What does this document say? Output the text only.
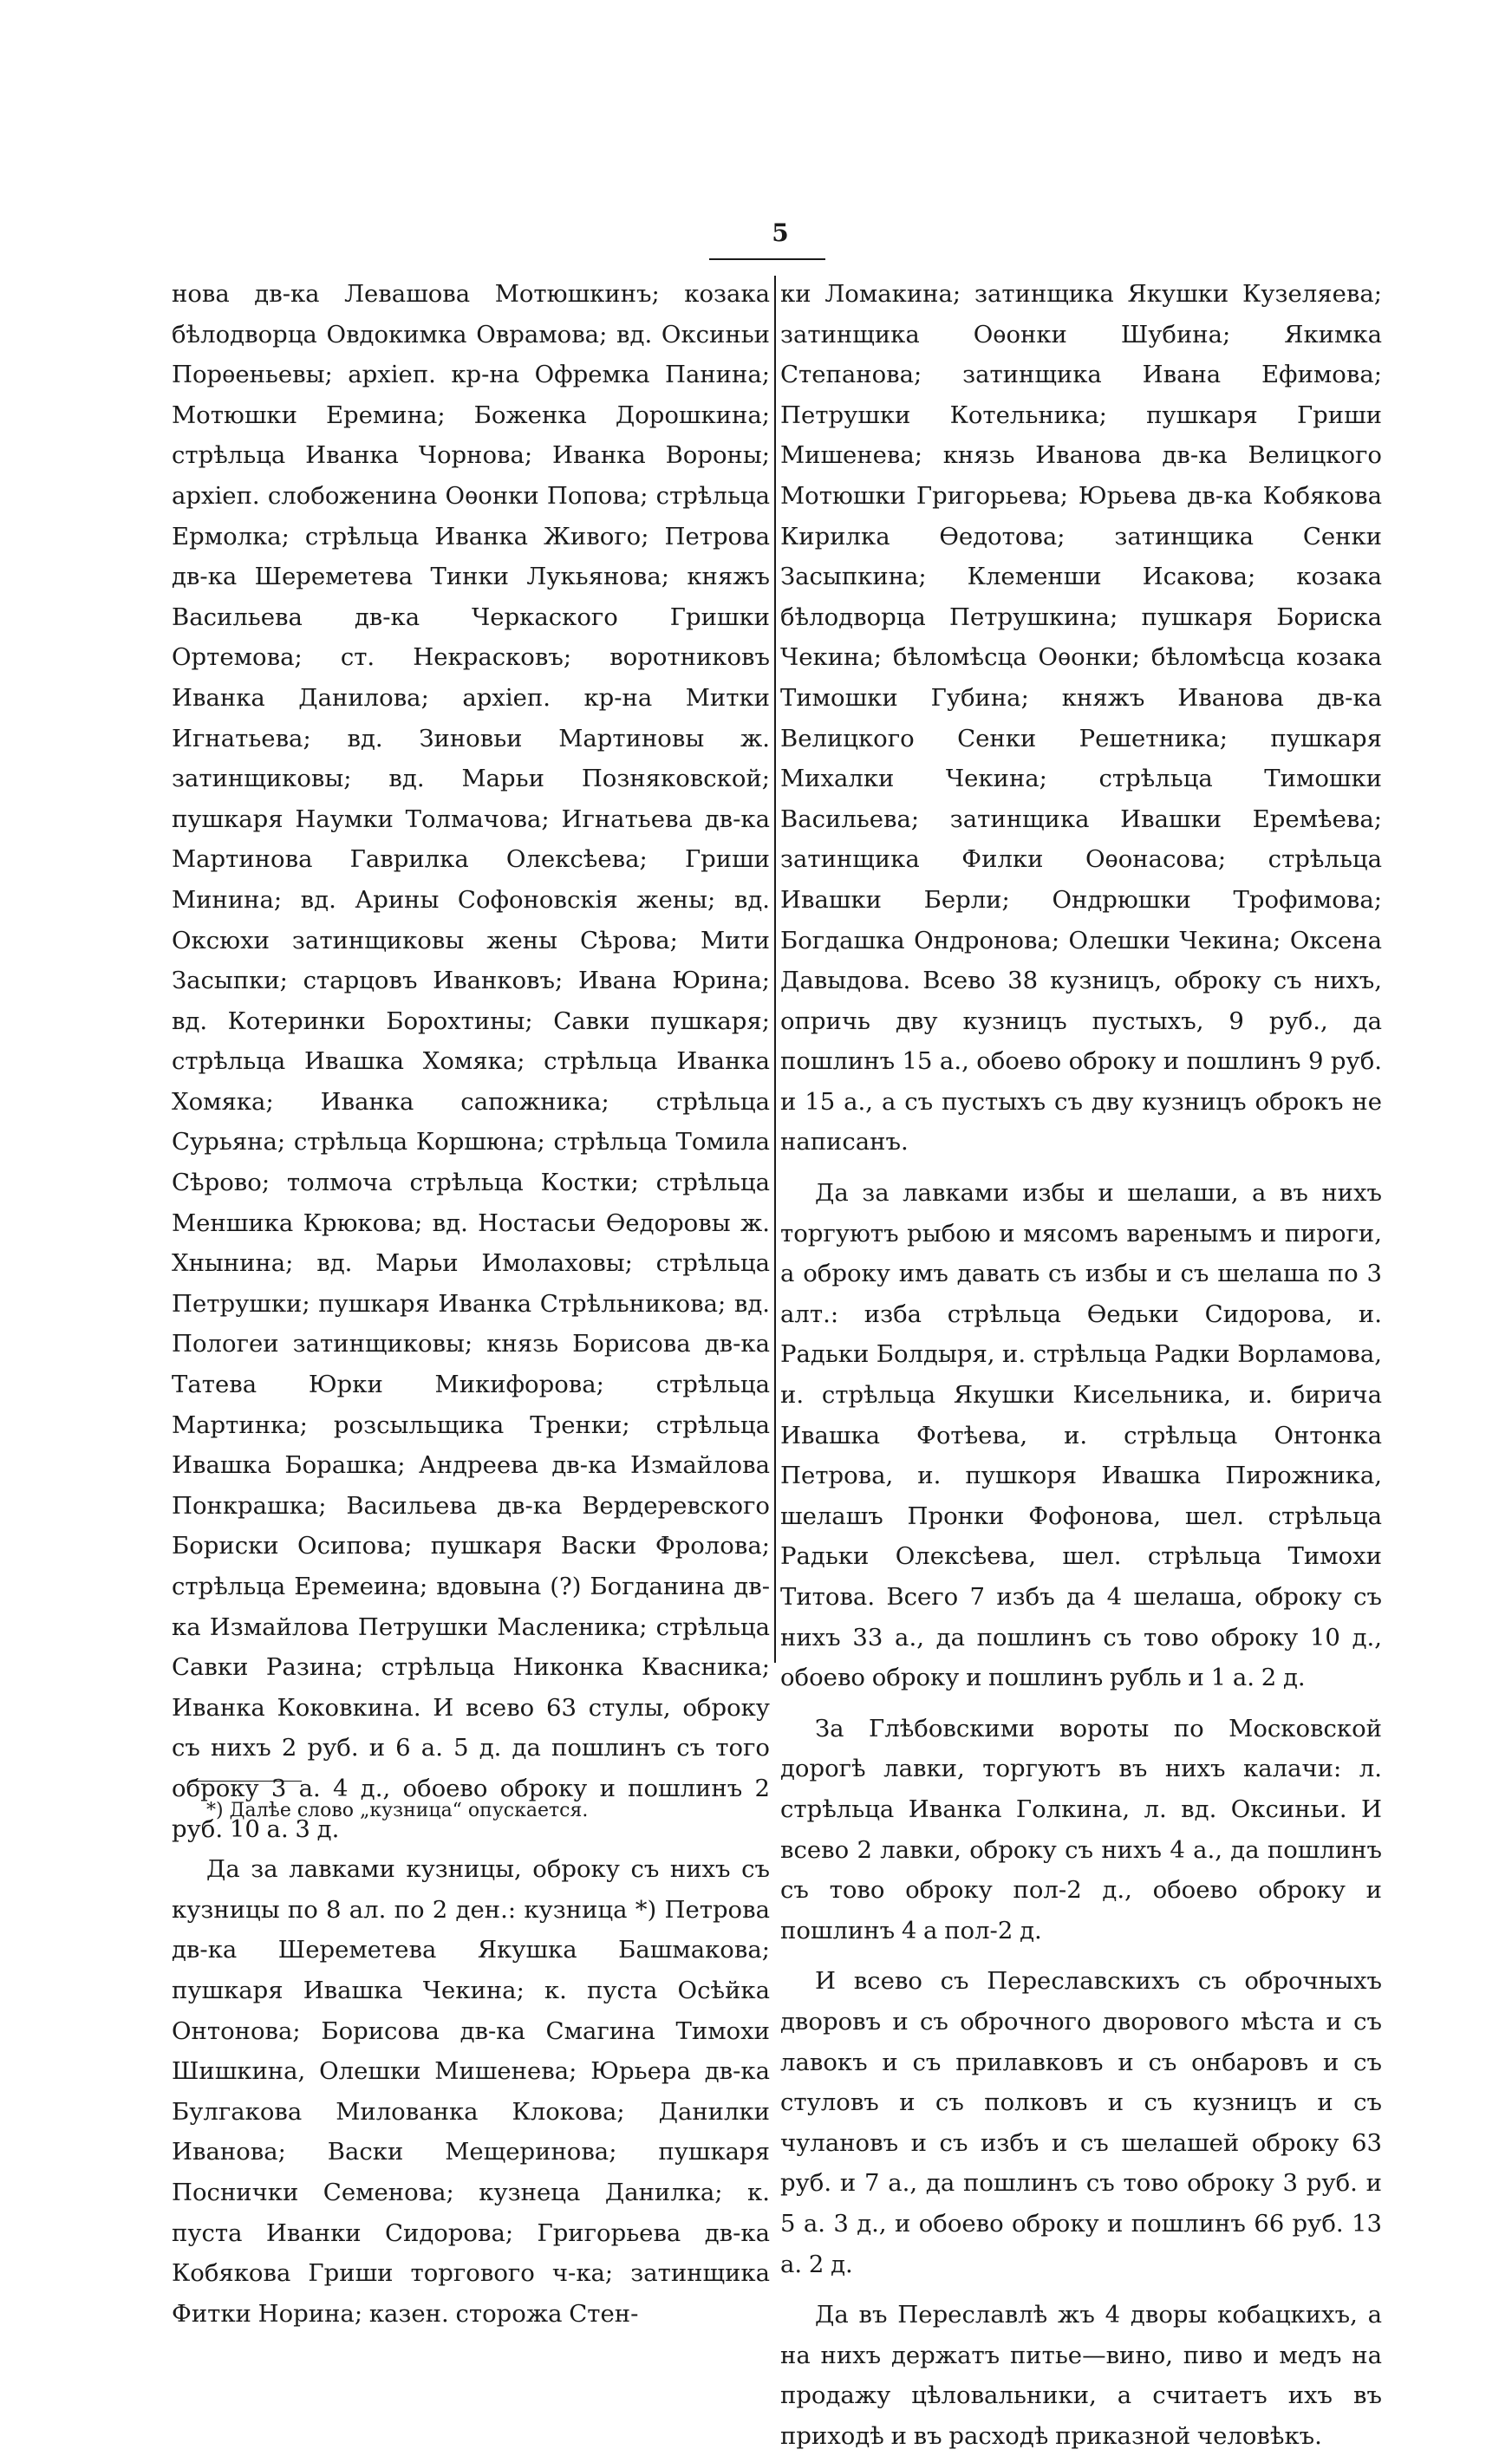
5

нова дв-ка Левашова Мотюшкинъ; козака бѣлодворца Овдокимка Оврамова; вд. Оксиньи Порѳеньевы; архіеп. кр-на Офремка Панина; Мотюшки Еремина; Боженка Дорошкина; стрѣльца Иванка Чорнова; Иванка Вороны; архіеп. слобоженина Оѳонки Попова; стрѣльца Ермолка; стрѣльца Иванка Живого; Петрова дв-ка Шереметева Тинки Лукьянова; княжъ Васильева дв-ка Черкаского Гришки Ортемова; ст. Некрасковъ; воротниковъ Иванка Данилова; архіеп. кр-на Митки Игнатьева; вд. Зиновьи Мартиновы ж. затинщиковы; вд. Марьи Позняковской; пушкаря Наумки Толмачова; Игнатьева дв-ка Мартинова Гаврилка Олексѣева; Гриши Минина; вд. Арины Софоновскія жены; вд. Оксюхи затинщиковы жены Сѣрова; Мити Засыпки; старцовъ Иванковъ; Ивана Юрина; вд. Котеринки Борохтины; Савки пушкаря; стрѣльца Ивашка Хомяка; стрѣльца Иванка Хомяка; Иванка сапожника; стрѣльца Сурьяна; стрѣльца Коршюна; стрѣльца Томила Сѣрово; толмоча стрѣльца Костки; стрѣльца Меншика Крюкова; вд. Ностасьи Ѳедоровы ж. Хнынина; вд. Марьи Имолаховы; стрѣльца Петрушки; пушкаря Иванка Стрѣльникова; вд. Пологеи затинщиковы; князь Борисова дв-ка Татева Юрки Микифорова; стрѣльца Мартинка; розсыльщика Тренки; стрѣльца Ивашка Борашка; Андреева дв-ка Измайлова Понкрашка; Васильева дв-ка Вердеревского Бориски Осипова; пушкаря Васки Фролова; стрѣльца Еремеина; вдовына (?) Богданина дв-ка Измайлова Петрушки Масленика; стрѣльца Савки Разина; стрѣльца Никонка Квасника; Иванка Коковкина. И всево 63 стулы, оброку съ нихъ 2 руб. и 6 а. 5 д. да пошлинъ съ того оброку 3 а. 4 д., обоево оброку и пошлинъ 2 руб. 10 а. 3 д.

Да за лавками кузницы, оброку съ нихъ съ кузницы по 8 ал. по 2 ден.: кузница *) Петрова дв-ка Шереметева Якушка Башмакова; пушкаря Ивашка Чекина; к. пуста Осѣйка Онтонова; Борисова дв-ка Смагина Тимохи Шишкина, Олешки Мишенева; Юрьера дв-ка Булгакова Милованка Клокова; Данилки Иванова; Васки Мещеринова; пушкаря Поснички Семенова; кузнеца Данилка; к. пуста Иванки Сидорова; Григорьева дв-ка Кобякова Гриши торгового ч-ка; затинщика Фитки Норина; казен. сторожа Стен-

ки Ломакина; затинщика Якушки Кузеляева; затинщика Оѳонки Шубина; Якимка Степанова; затинщика Ивана Ефимова; Петрушки Котельника; пушкаря Гриши Мишенева; князь Иванова дв-ка Велицкого Мотюшки Григорьева; Юрьева дв-ка Кобякова Кирилка Ѳедотова; затинщика Сенки Засыпкина; Клеменши Исакова; козака бѣлодворца Петрушкина; пушкаря Бориска Чекина; бѣломѣсца Оѳонки; бѣломѣсца козака Тимошки Губина; княжъ Иванова дв-ка Велицкого Сенки Решетника; пушкаря Михалки Чекина; стрѣльца Тимошки Васильева; затинщика Ивашки Еремѣева; затинщика Филки Оѳонасова; стрѣльца Ивашки Берли; Ондрюшки Трофимова; Богдашка Ондронова; Олешки Чекина; Оксена Давыдова. Всево 38 кузницъ, оброку съ нихъ, опричь дву кузницъ пустыхъ, 9 руб., да пошлинъ 15 а., обоево оброку и пошлинъ 9 руб. и 15 а., а съ пустыхъ съ дву кузницъ оброкъ не написанъ.

Да за лавками избы и шелаши, а въ нихъ торгуютъ рыбою и мясомъ варенымъ и пироги, а оброку имъ давать съ избы и съ шелаша по 3 алт.: изба стрѣльца Ѳедьки Сидорова, и. Радьки Болдыря, и. стрѣльца Радки Ворламова, и. стрѣльца Якушки Кисельника, и. бирича Ивашка Фотѣева, и. стрѣльца Онтонка Петрова, и. пушкоря Ивашка Пирожника, шелашъ Пронки Фофонова, шел. стрѣльца Радьки Олексѣева, шел. стрѣльца Тимохи Титова. Всего 7 избъ да 4 шелаша, оброку съ нихъ 33 а., да пошлинъ съ тово оброку 10 д., обоево оброку и пошлинъ рубль и 1 а. 2 д.

За Глѣбовскими вороты по Московской дорогѣ лавки, торгуютъ въ нихъ калачи: л. стрѣльца Иванка Голкина, л. вд. Оксиньи. И всево 2 лавки, оброку съ нихъ 4 а., да пошлинъ съ тово оброку пол-2 д., обоево оброку и пошлинъ 4 а пол-2 д.

И всево съ Переславскихъ съ оброчныхъ дворовъ и съ оброчного дворового мѣста и съ лавокъ и съ прилавковъ и съ онбаровъ и съ стуловъ и съ полковъ и съ кузницъ и съ чулановъ и съ избъ и съ шелашей оброку 63 руб. и 7 а., да пошлинъ съ тово оброку 3 руб. и 5 а. 3 д., и обоево оброку и пошлинъ 66 руб. 13 а. 2 д.

Да въ Переславлѣ жъ 4 дворы кобацкихъ, а на нихъ держатъ питье—вино, пиво и медъ на продажу цѣловальники, а считаетъ ихъ въ приходѣ и въ расходѣ приказной человѣкъ.

*) Далѣе слово „кузница“ опускается.
